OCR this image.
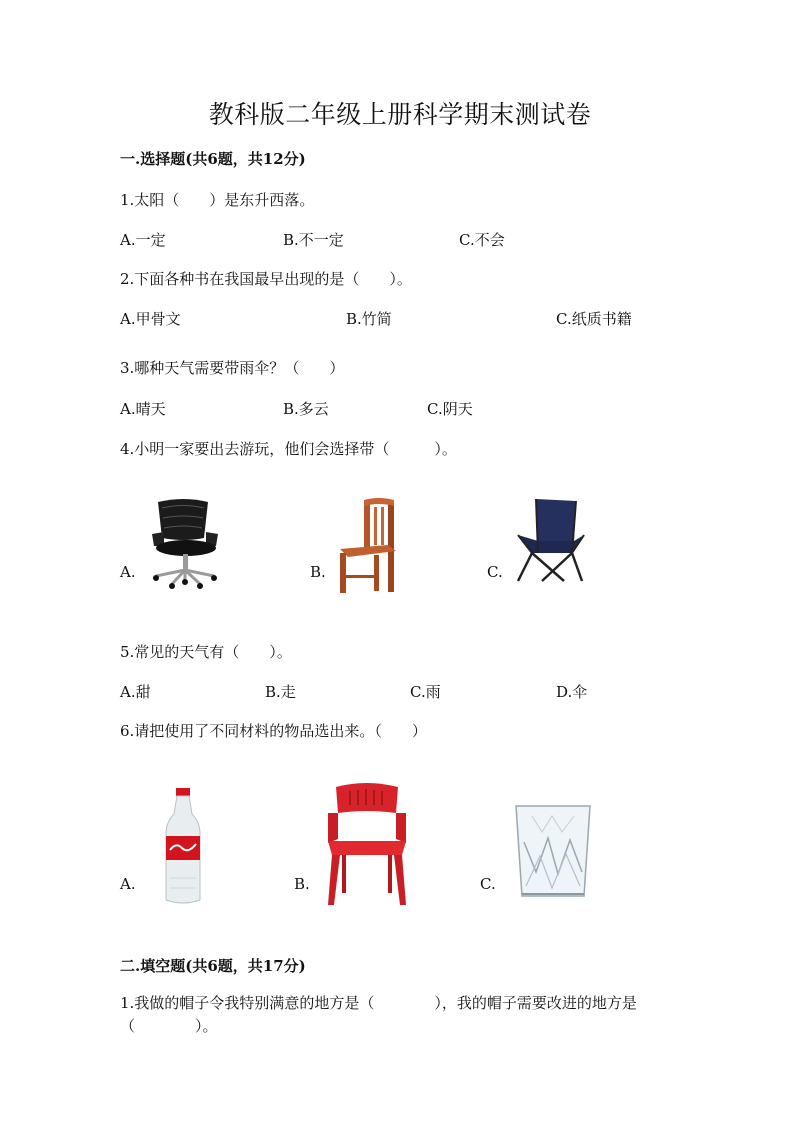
教科版二年级上册科学期末测试卷
一.选择题(共6题，共12分)
1.太阳（　　）是东升西落。
A.一定	B.不一定	C.不会
2.下面各种书在我国最早出现的是（　　）。
A.甲骨文	B.竹简	C.纸质书籍
3.哪种天气需要带雨伞？（　　）
A.晴天	B.多云	C.阴天
4.小明一家要出去游玩，他们会选择带（　　　）。
A.	B.	C.
5.常见的天气有（　　）。
A.甜	B.走	C.雨	D.伞
6.请把使用了不同材料的物品选出来。（　　）
A.	B.	C.
二.填空题(共6题，共17分)
1.我做的帽子令我特别满意的地方是（　　　　），我的帽子需要改进的地方是（　　　　）。
